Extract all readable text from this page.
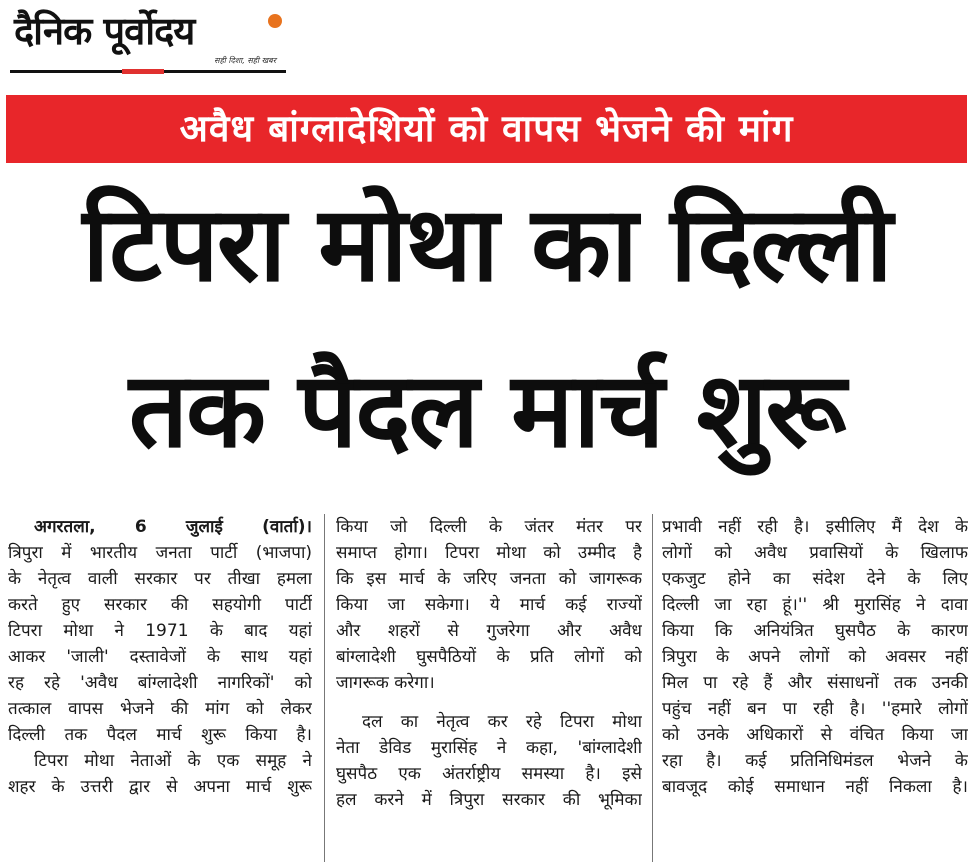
दैनिक पूर्वोदय
सही दिशा, सही खबर
अवैध बांग्लादेशियों को वापस भेजने की मांग
टिपरा मोथा का दिल्ली
तक पैदल मार्च शुरू
अगरतला, 6 जुलाई (वार्ता)।
त्रिपुरा में भारतीय जनता पार्टी (भाजपा)
के नेतृत्व वाली सरकार पर तीखा हमला
करते हुए सरकार की सहयोगी पार्टी
टिपरा मोथा ने 1971 के बाद यहां
आकर 'जाली' दस्तावेजों के साथ यहां
रह रहे 'अवैध बांग्लादेशी नागरिकों' को
तत्काल वापस भेजने की मांग को लेकर
दिल्ली तक पैदल मार्च शुरू किया है।
टिपरा मोथा नेताओं के एक समूह ने
शहर के उत्तरी द्वार से अपना मार्च शुरू
किया जो दिल्ली के जंतर मंतर पर
समाप्त होगा। टिपरा मोथा को उम्मीद है
कि इस मार्च के जरिए जनता को जागरूक
किया जा सकेगा। ये मार्च कई राज्यों
और शहरों से गुजरेगा और अवैध
बांग्लादेशी घुसपैठियों के प्रति लोगों को
जागरूक करेगा।
दल का नेतृत्व कर रहे टिपरा मोथा
नेता डेविड मुरासिंह ने कहा, 'बांग्लादेशी
घुसपैठ एक अंतर्राष्ट्रीय समस्या है। इसे
हल करने में त्रिपुरा सरकार की भूमिका
प्रभावी नहीं रही है। इसीलिए मैं देश के
लोगों को अवैध प्रवासियों के खिलाफ
एकजुट होने का संदेश देने के लिए
दिल्ली जा रहा हूं।'' श्री मुरासिंह ने दावा
किया कि अनियंत्रित घुसपैठ के कारण
त्रिपुरा के अपने लोगों को अवसर नहीं
मिल पा रहे हैं और संसाधनों तक उनकी
पहुंच नहीं बन पा रही है। ''हमारे लोगों
को उनके अधिकारों से वंचित किया जा
रहा है। कई प्रतिनिधिमंडल भेजने के
बावजूद कोई समाधान नहीं निकला है।
